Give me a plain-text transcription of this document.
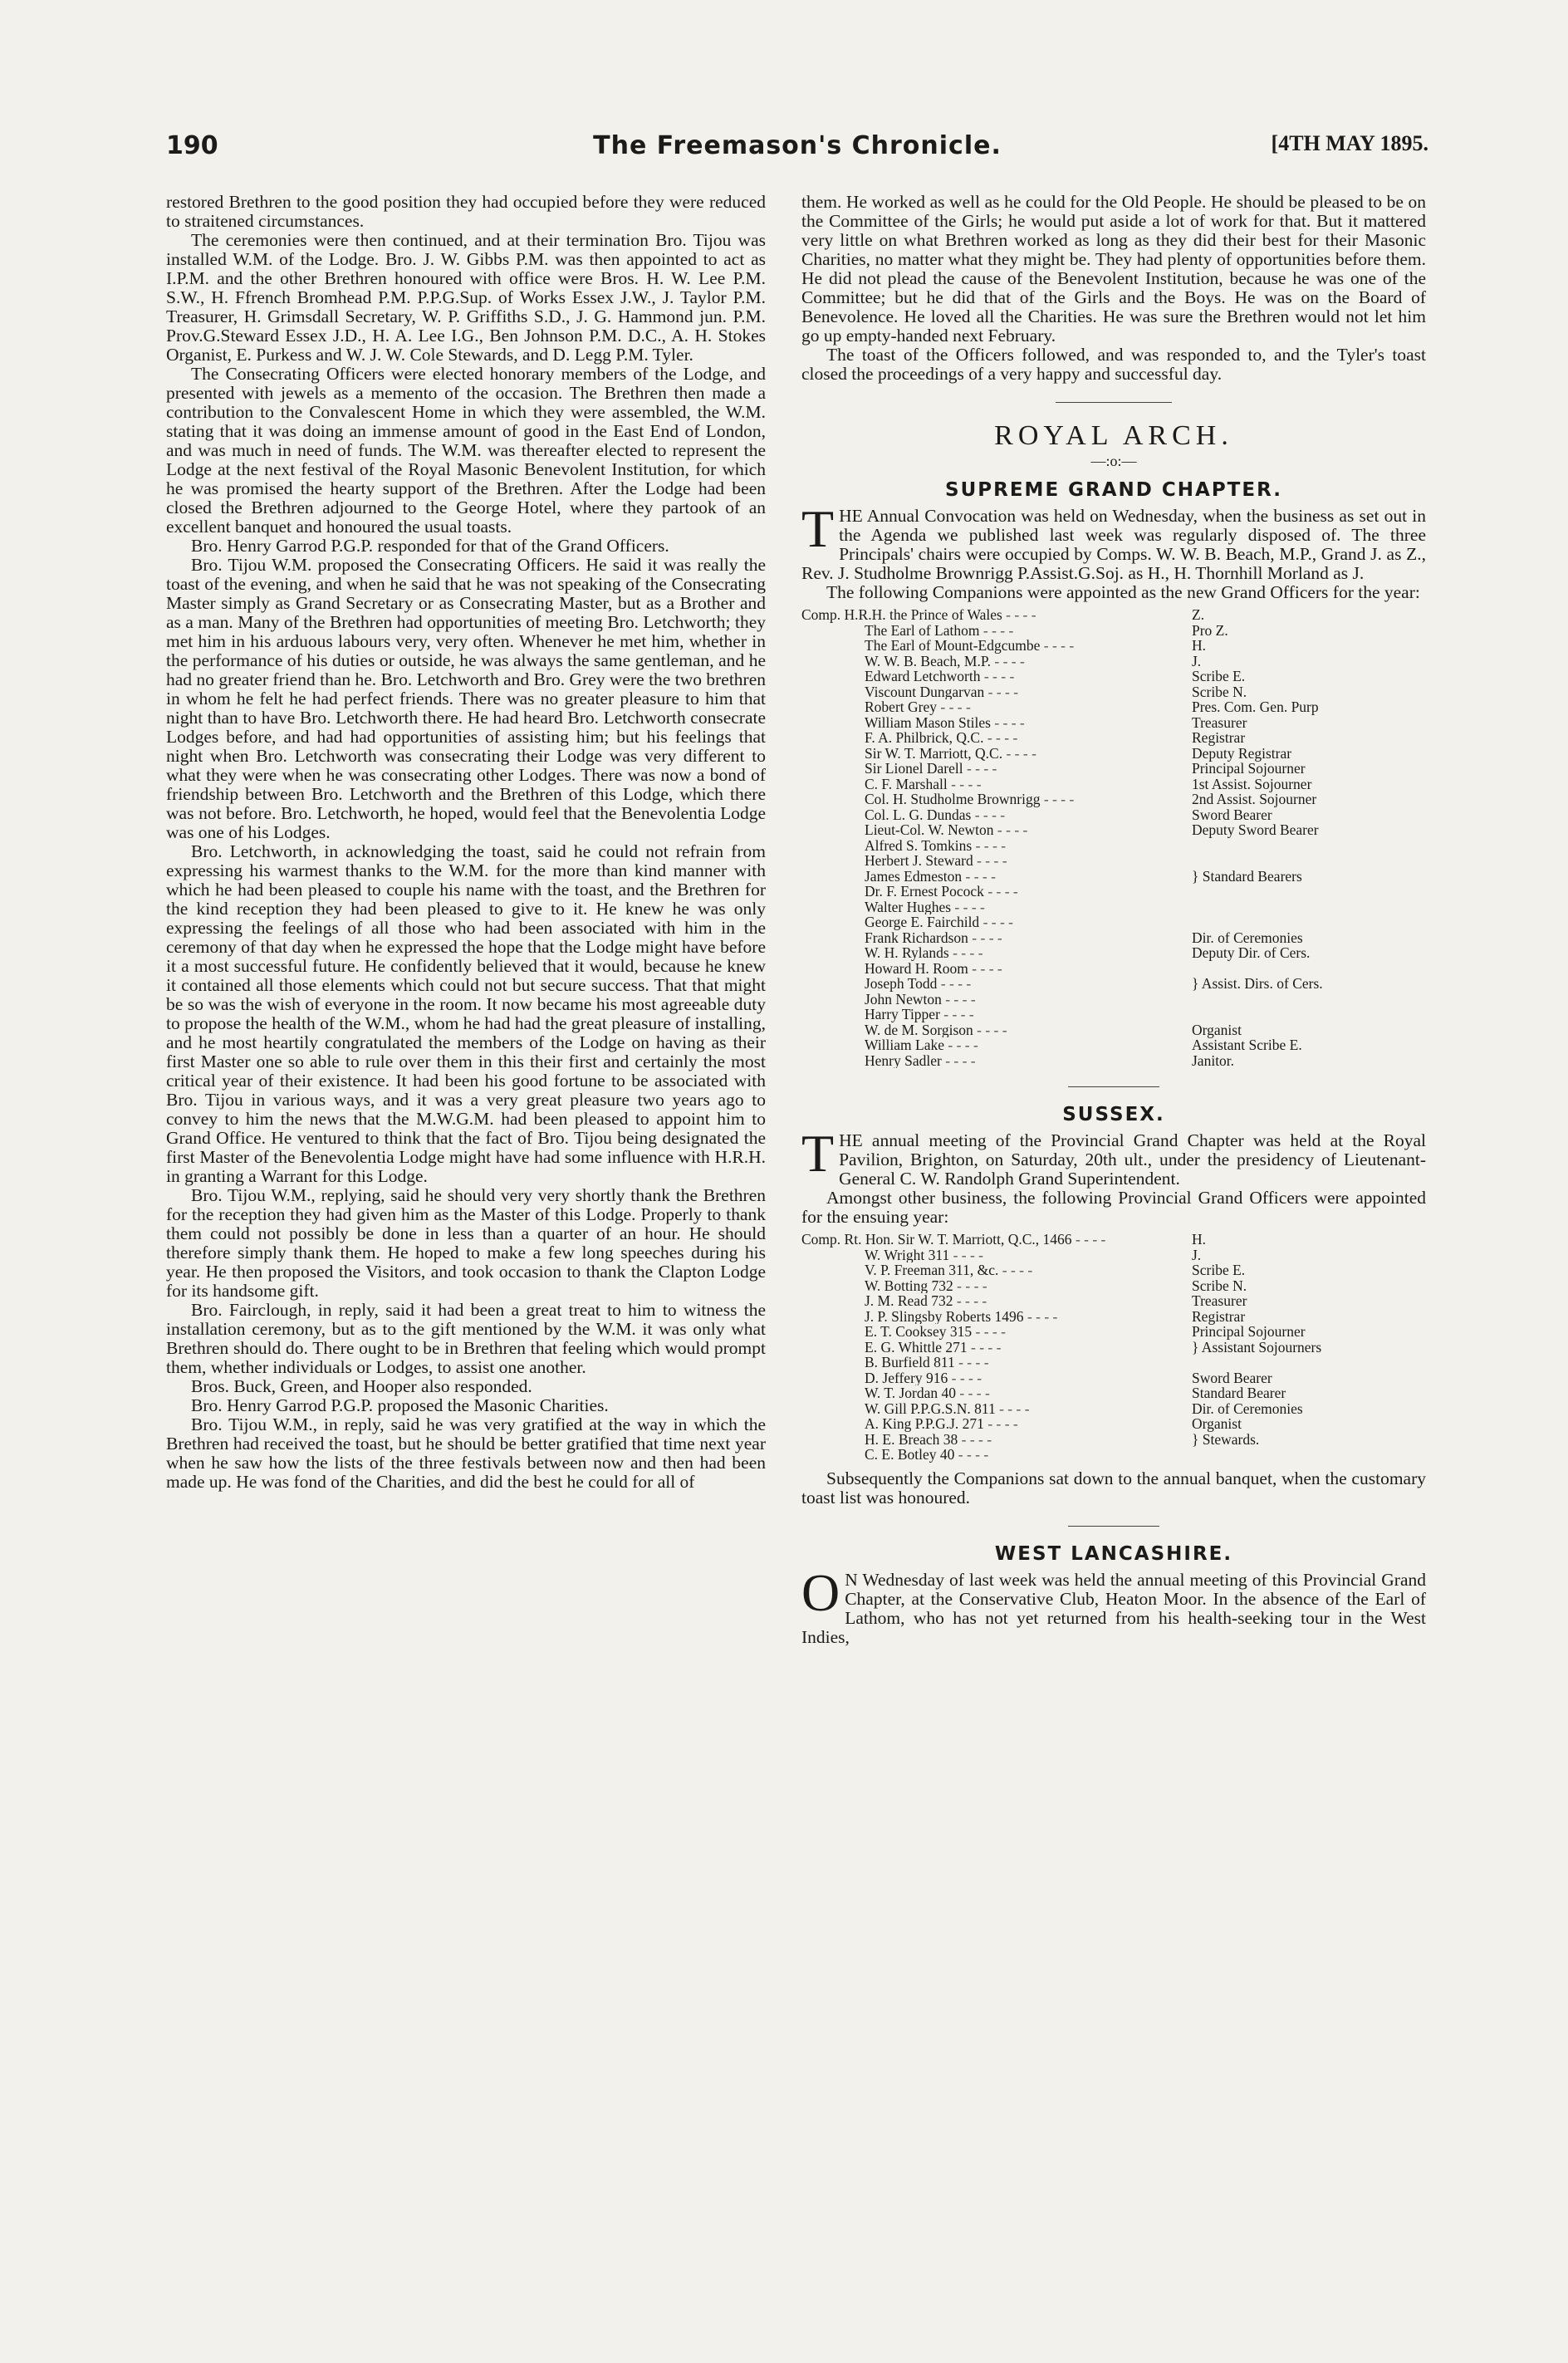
190	The Freemason's Chronicle.	[4TH MAY 1895.

restored Brethren to the good position they had occupied before they were reduced to straitened circumstances.

The ceremonies were then continued, and at their termination Bro. Tijou was installed W.M. of the Lodge. Bro. J. W. Gibbs P.M. was then appointed to act as I.P.M. and the other Brethren honoured with office were Bros. H. W. Lee P.M. S.W., H. Ffrench Bromhead P.M. P.P.G.Sup. of Works Essex J.W., J. Taylor P.M. Treasurer, H. Grimsdall Secretary, W. P. Griffiths S.D., J. G. Hammond jun. P.M. Prov.G.Steward Essex J.D., H. A. Lee I.G., Ben Johnson P.M. D.C., A. H. Stokes Organist, E. Purkess and W. J. W. Cole Stewards, and D. Legg P.M. Tyler.

The Consecrating Officers were elected honorary members of the Lodge, and presented with jewels as a memento of the occasion. The Brethren then made a contribution to the Convalescent Home in which they were assembled, the W.M. stating that it was doing an immense amount of good in the East End of London, and was much in need of funds. The W.M. was thereafter elected to represent the Lodge at the next festival of the Royal Masonic Benevolent Institution, for which he was promised the hearty support of the Brethren. After the Lodge had been closed the Brethren adjourned to the George Hotel, where they partook of an excellent banquet and honoured the usual toasts.

Bro. Henry Garrod P.G.P. responded for that of the Grand Officers.

Bro. Tijou W.M. proposed the Consecrating Officers. He said it was really the toast of the evening, and when he said that he was not speaking of the Consecrating Master simply as Grand Secretary or as Consecrating Master, but as a Brother and as a man. Many of the Brethren had opportunities of meeting Bro. Letchworth; they met him in his arduous labours very, very often. Whenever he met him, whether in the performance of his duties or outside, he was always the same gentleman, and he had no greater friend than he. Bro. Letchworth and Bro. Grey were the two brethren in whom he felt he had perfect friends. There was no greater pleasure to him that night than to have Bro. Letchworth there. He had heard Bro. Letchworth consecrate Lodges before, and had had opportunities of assisting him; but his feelings that night when Bro. Letchworth was consecrating their Lodge was very different to what they were when he was consecrating other Lodges. There was now a bond of friendship between Bro. Letchworth and the Brethren of this Lodge, which there was not before. Bro. Letchworth, he hoped, would feel that the Benevolentia Lodge was one of his Lodges.

Bro. Letchworth, in acknowledging the toast, said he could not refrain from expressing his warmest thanks to the W.M. for the more than kind manner with which he had been pleased to couple his name with the toast, and the Brethren for the kind reception they had been pleased to give to it. He knew he was only expressing the feelings of all those who had been associated with him in the ceremony of that day when he expressed the hope that the Lodge might have before it a most successful future. He confidently believed that it would, because he knew it contained all those elements which could not but secure success. That that might be so was the wish of everyone in the room. It now became his most agreeable duty to propose the health of the W.M., whom he had had the great pleasure of installing, and he most heartily congratulated the members of the Lodge on having as their first Master one so able to rule over them in this their first and certainly the most critical year of their existence. It had been his good fortune to be associated with Bro. Tijou in various ways, and it was a very great pleasure two years ago to convey to him the news that the M.W.G.M. had been pleased to appoint him to Grand Office. He ventured to think that the fact of Bro. Tijou being designated the first Master of the Benevolentia Lodge might have had some influence with H.R.H. in granting a Warrant for this Lodge.

Bro. Tijou W.M., replying, said he should very very shortly thank the Brethren for the reception they had given him as the Master of this Lodge. Properly to thank them could not possibly be done in less than a quarter of an hour. He should therefore simply thank them. He hoped to make a few long speeches during his year. He then proposed the Visitors, and took occasion to thank the Clapton Lodge for its handsome gift.

Bro. Fairclough, in reply, said it had been a great treat to him to witness the installation ceremony, but as to the gift mentioned by the W.M. it was only what Brethren should do. There ought to be in Brethren that feeling which would prompt them, whether individuals or Lodges, to assist one another.

Bros. Buck, Green, and Hooper also responded.

Bro. Henry Garrod P.G.P. proposed the Masonic Charities.

Bro. Tijou W.M., in reply, said he was very gratified at the way in which the Brethren had received the toast, but he should be better gratified that time next year when he saw how the lists of the three festivals between now and then had been made up. He was fond of the Charities, and did the best he could for all of

them. He worked as well as he could for the Old People. He should be pleased to be on the Committee of the Girls; he would put aside a lot of work for that. But it mattered very little on what Brethren worked as long as they did their best for their Masonic Charities, no matter what they might be. They had plenty of opportunities before them. He did not plead the cause of the Benevolent Institution, because he was one of the Committee; but he did that of the Girls and the Boys. He was on the Board of Benevolence. He loved all the Charities. He was sure the Brethren would not let him go up empty-handed next February.

The toast of the Officers followed, and was responded to, and the Tyler's toast closed the proceedings of a very happy and successful day.

ROYAL ARCH.
—:o:—
SUPREME GRAND CHAPTER.

THE Annual Convocation was held on Wednesday, when the business as set out in the Agenda we published last week was regularly disposed of. The three Principals' chairs were occupied by Comps. W. W. B. Beach, M.P., Grand J. as Z., Rev. J. Studholme Brownrigg P.Assist.G.Soj. as H., H. Thornhill Morland as J.

The following Companions were appointed as the new Grand Officers for the year:

Comp. H.R.H. the Prince of Wales - - - -	Z.
The Earl of Lathom - - - -	Pro Z.
The Earl of Mount-Edgcumbe - - - -	H.
W. W. B. Beach, M.P. - - - -	J.
Edward Letchworth - - - -	Scribe E.
Viscount Dungarvan - - - -	Scribe N.
Robert Grey - - - -	Pres. Com. Gen. Purp
William Mason Stiles - - - -	Treasurer
F. A. Philbrick, Q.C. - - - -	Registrar
Sir W. T. Marriott, Q.C. - - - -	Deputy Registrar
Sir Lionel Darell - - - -	Principal Sojourner
C. F. Marshall - - - -	1st Assist. Sojourner
Col. H. Studholme Brownrigg - - - -	2nd Assist. Sojourner
Col. L. G. Dundas - - - -	Sword Bearer
Lieut-Col. W. Newton - - - -	Deputy Sword Bearer
Alfred S. Tomkins - - - -
Herbert J. Steward - - - -
James Edmeston - - - -	} Standard Bearers
Dr. F. Ernest Pocock - - - -
Walter Hughes - - - -
George E. Fairchild - - - -
Frank Richardson - - - -	Dir. of Ceremonies
W. H. Rylands - - - -	Deputy Dir. of Cers.
Howard H. Room - - - -
Joseph Todd - - - -	} Assist. Dirs. of Cers.
John Newton - - - -
Harry Tipper - - - -
W. de M. Sorgison - - - -	Organist
William Lake - - - -	Assistant Scribe E.
Henry Sadler - - - -	Janitor.
SUSSEX.

THE annual meeting of the Provincial Grand Chapter was held at the Royal Pavilion, Brighton, on Saturday, 20th ult., under the presidency of Lieutenant-General C. W. Randolph Grand Superintendent.

Amongst other business, the following Provincial Grand Officers were appointed for the ensuing year:

Comp. Rt. Hon. Sir W. T. Marriott, Q.C., 1466 - - - -	H.
W. Wright 311 - - - -	J.
V. P. Freeman 311, &c. - - - -	Scribe E.
W. Botting 732 - - - -	Scribe N.
J. M. Read 732 - - - -	Treasurer
J. P. Slingsby Roberts 1496 - - - -	Registrar
E. T. Cooksey 315 - - - -	Principal Sojourner
E. G. Whittle 271 - - - -	} Assistant Sojourners
B. Burfield 811 - - - -
D. Jeffery 916 - - - -	Sword Bearer
W. T. Jordan 40 - - - -	Standard Bearer
W. Gill P.P.G.S.N. 811 - - - -	Dir. of Ceremonies
A. King P.P.G.J. 271 - - - -	Organist
H. E. Breach 38 - - - -	} Stewards.
C. E. Botley 40 - - - -

Subsequently the Companions sat down to the annual banquet, when the customary toast list was honoured.

WEST LANCASHIRE.

O N Wednesday of last week was held the annual meeting of this Provincial Grand Chapter, at the Conservative Club, Heaton Moor. In the absence of the Earl of Lathom, who has not yet returned from his health-seeking tour in the West Indies,
